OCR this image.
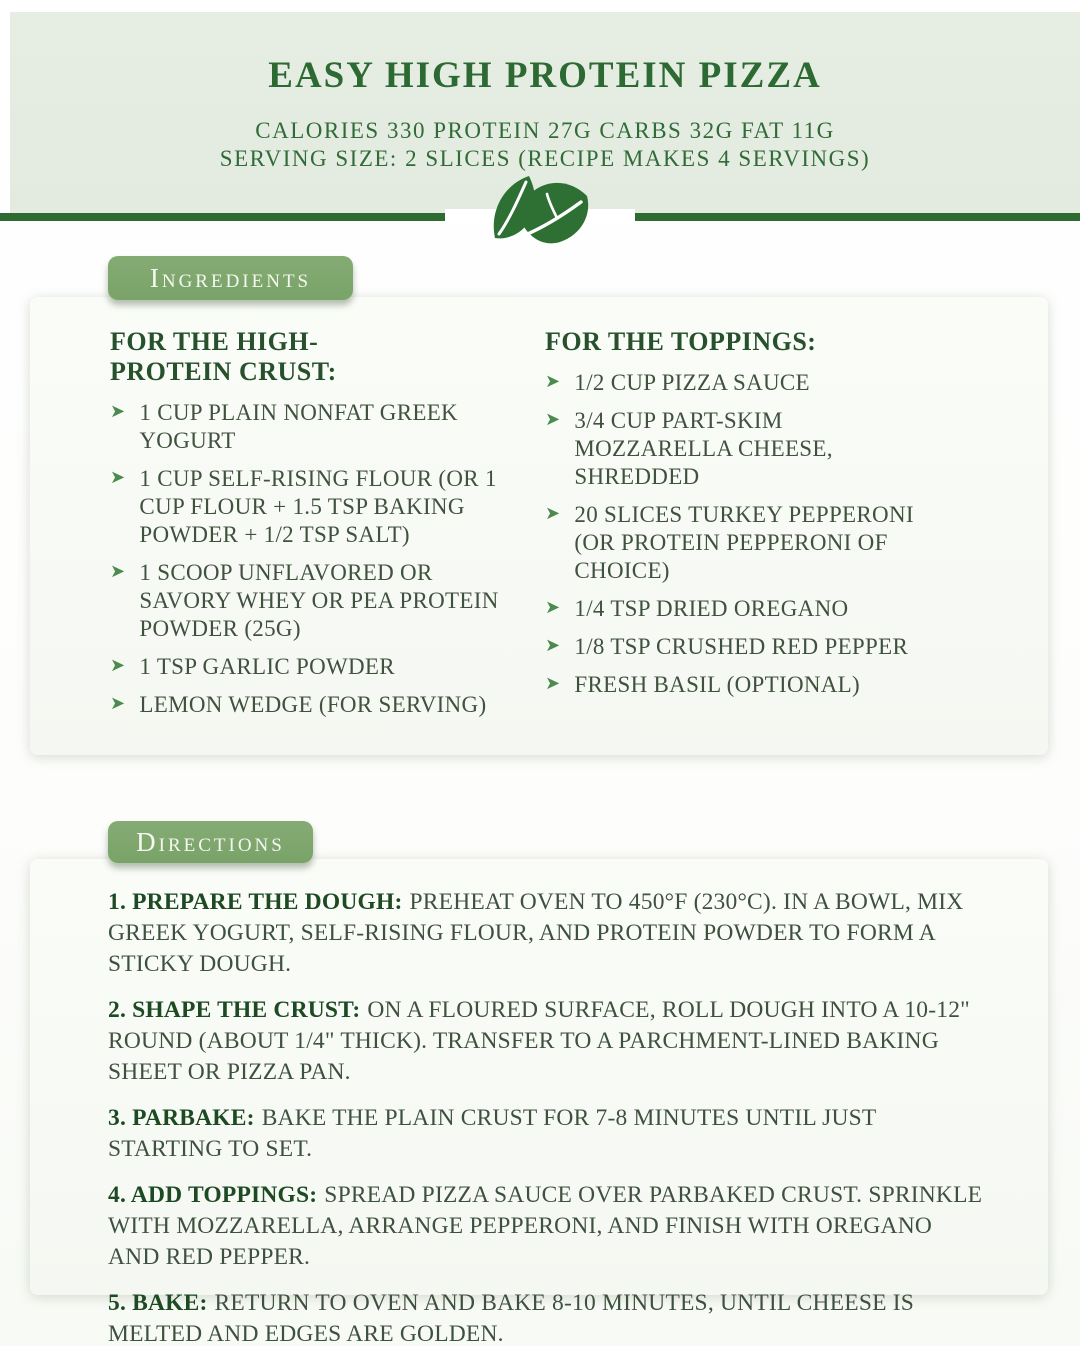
EASY HIGH PROTEIN PIZZA
CALORIES 330 PROTEIN 27G CARBS 32G FAT 11G
SERVING SIZE: 2 SLICES (RECIPE MAKES 4 SERVINGS)
Ingredients
FOR THE HIGH-PROTEIN CRUST:
➤ 1 CUP PLAIN NONFAT GREEK YOGURT
➤ 1 CUP SELF-RISING FLOUR (OR 1 CUP FLOUR + 1.5 TSP BAKING POWDER + 1/2 TSP SALT)
➤ 1 SCOOP UNFLAVORED OR SAVORY WHEY OR PEA PROTEIN POWDER (25G)
➤ 1 TSP GARLIC POWDER
➤ LEMON WEDGE (FOR SERVING)
FOR THE TOPPINGS:
➤ 1/2 CUP PIZZA SAUCE
➤ 3/4 CUP PART-SKIM MOZZARELLA CHEESE, SHREDDED
➤ 20 SLICES TURKEY PEPPERONI (OR PROTEIN PEPPERONI OF CHOICE)
➤ 1/4 TSP DRIED OREGANO
➤ 1/8 TSP CRUSHED RED PEPPER
➤ FRESH BASIL (OPTIONAL)
Directions

1. PREPARE THE DOUGH: PREHEAT OVEN TO 450°F (230°C). IN A BOWL, MIX GREEK YOGURT, SELF-RISING FLOUR, AND PROTEIN POWDER TO FORM A STICKY DOUGH.

2. SHAPE THE CRUST: ON A FLOURED SURFACE, ROLL DOUGH INTO A 10-12" ROUND (ABOUT 1/4" THICK). TRANSFER TO A PARCHMENT-LINED BAKING SHEET OR PIZZA PAN.

3. PARBAKE: BAKE THE PLAIN CRUST FOR 7-8 MINUTES UNTIL JUST STARTING TO SET.

4. ADD TOPPINGS: SPREAD PIZZA SAUCE OVER PARBAKED CRUST. SPRINKLE WITH MOZZARELLA, ARRANGE PEPPERONI, AND FINISH WITH OREGANO AND RED PEPPER.

5. BAKE: RETURN TO OVEN AND BAKE 8-10 MINUTES, UNTIL CHEESE IS MELTED AND EDGES ARE GOLDEN.
